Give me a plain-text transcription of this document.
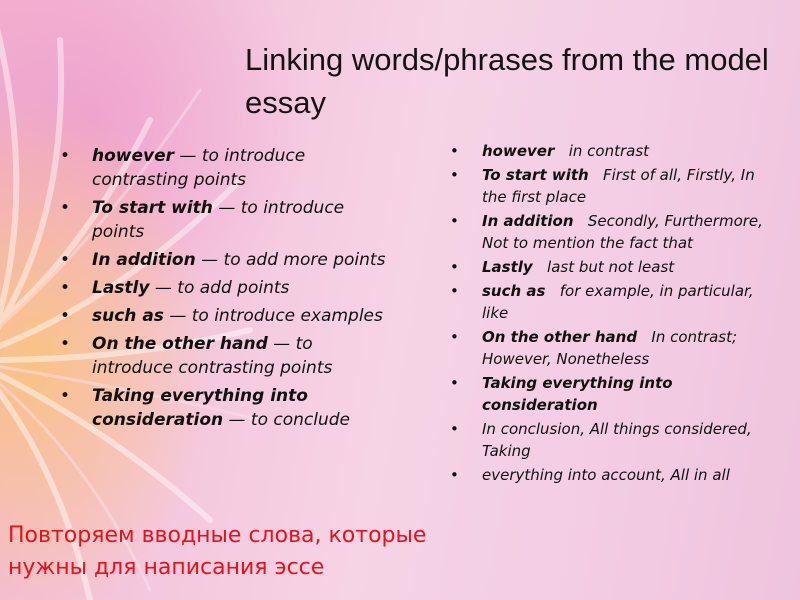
Linking words/phrases from the model essay
• however — to introduce contrasting points
• To start with — to introduce points
• In addition — to add more points
• Lastly — to add points
• such as — to introduce examples
• On the other hand — to introduce contrasting points
• Taking everything into consideration — to conclude
• however in contrast
• To start with First of all, Firstly, In the first place
• In addition Secondly, Furthermore, Not to mention the fact that
• Lastly last but not least
• such as for example, in particular, like
• On the other hand In contrast; However, Nonetheless
• Taking everything into consideration
• In conclusion, All things considered, Taking
• everything into account, All in all
Повторяем вводные слова, которые нужны для написания эссе
